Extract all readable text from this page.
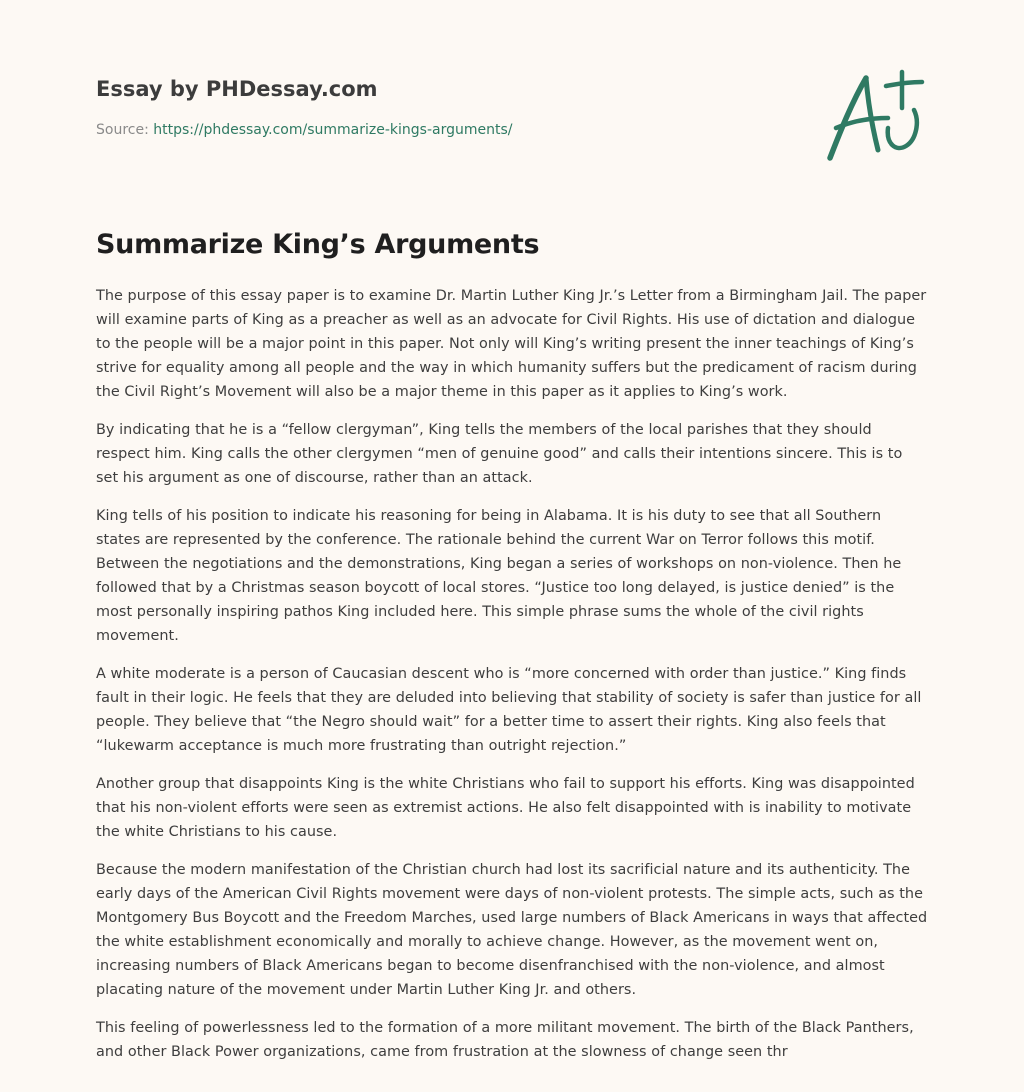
Essay by PHDessay.com
Source: https://phdessay.com/summarize-kings-arguments/
Summarize King’s Arguments

The purpose of this essay paper is to examine Dr. Martin Luther King Jr.’s Letter from a Birmingham Jail. The paper will examine parts of King as a preacher as well as an advocate for Civil Rights. His use of dictation and dialogue to the people will be a major point in this paper. Not only will King’s writing present the inner teachings of King’s strive for equality among all people and the way in which humanity suffers but the predicament of racism during the Civil Right’s Movement will also be a major theme in this paper as it applies to King’s work.

By indicating that he is a “fellow clergyman”, King tells the members of the local parishes that they should respect him. King calls the other clergymen “men of genuine good” and calls their intentions sincere. This is to set his argument as one of discourse, rather than an attack.

King tells of his position to indicate his reasoning for being in Alabama. It is his duty to see that all Southern states are represented by the conference. The rationale behind the current War on Terror follows this motif. Between the negotiations and the demonstrations, King began a series of workshops on non-violence. Then he followed that by a Christmas season boycott of local stores. “Justice too long delayed, is justice denied” is the most personally inspiring pathos King included here. This simple phrase sums the whole of the civil rights movement.

A white moderate is a person of Caucasian descent who is “more concerned with order than justice.” King finds fault in their logic. He feels that they are deluded into believing that stability of society is safer than justice for all people. They believe that “the Negro should wait” for a better time to assert their rights. King also feels that “lukewarm acceptance is much more frustrating than outright rejection.”

Another group that disappoints King is the white Christians who fail to support his efforts. King was disappointed that his non-violent efforts were seen as extremist actions. He also felt disappointed with is inability to motivate the white Christians to his cause.

Because the modern manifestation of the Christian church had lost its sacrificial nature and its authenticity. The early days of the American Civil Rights movement were days of non-violent protests. The simple acts, such as the Montgomery Bus Boycott and the Freedom Marches, used large numbers of Black Americans in ways that affected the white establishment economically and morally to achieve change. However, as the movement went on, increasing numbers of Black Americans began to become disenfranchised with the non-violence, and almost placating nature of the movement under Martin Luther King Jr. and others.

This feeling of powerlessness led to the formation of a more militant movement. The birth of the Black Panthers, and other Black Power organizations, came from frustration at the slowness of change seen thr
